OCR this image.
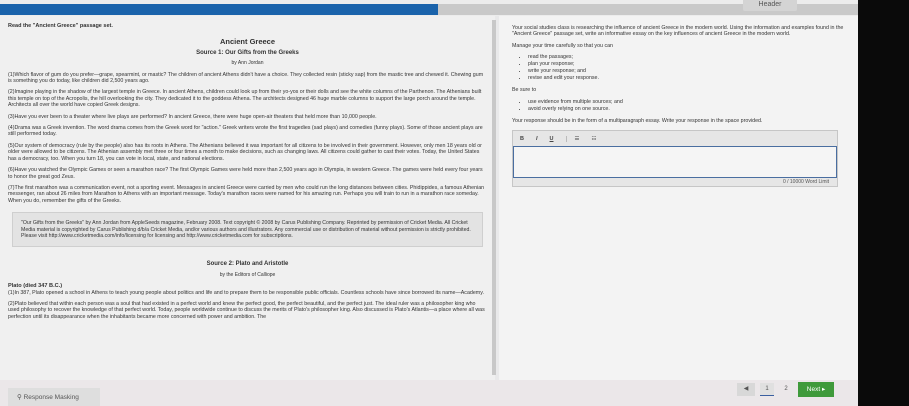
Header
Read the "Ancient Greece" passage set.
Ancient Greece
Source 1: Our Gifts from the Greeks
by Ann Jordan

(1)Which flavor of gum do you prefer—grape, spearmint, or mastic? The children of ancient Athens didn't have a choice. They collected resin (sticky sap) from the mastic tree and chewed it. Chewing gum is something you do today, like children did 2,500 years ago.

(2)Imagine playing in the shadow of the largest temple in Greece. In ancient Athens, children could look up from their yo-yos or their dolls and see the white columns of the Parthenon. The Athenians built this temple on top of the Acropolis, the hill overlooking the city. They dedicated it to the goddess Athena. The architects designed 46 huge marble columns to support the large porch around the temple. Architects all over the world have copied Greek designs.

(3)Have you ever been to a theater where live plays are performed? In ancient Greece, there were huge open-air theaters that held more than 10,000 people.

(4)Drama was a Greek invention. The word drama comes from the Greek word for "action." Greek writers wrote the first tragedies (sad plays) and comedies (funny plays). Some of those ancient plays are still performed today.

(5)Our system of democracy (rule by the people) also has its roots in Athens. The Athenians believed it was important for all citizens to be involved in their government. However, only men 18 years old or older were allowed to be citizens. The Athenian assembly met three or four times a month to make decisions, such as changing laws. All citizens could gather to cast their votes. Today, the United States has a democracy, too. When you turn 18, you can vote in local, state, and national elections.

(6)Have you watched the Olympic Games or seen a marathon race? The first Olympic Games were held more than 2,500 years ago in Olympia, in western Greece. The games were held every four years to honor the great god Zeus.

(7)The first marathon was a communication event, not a sporting event. Messages in ancient Greece were carried by men who could run the long distances between cities. Phidippides, a famous Athenian messenger, ran about 26 miles from Marathon to Athens with an important message. Today's marathon races were named for his amazing run. Perhaps you will train to run in a marathon race someday. When you do, remember the gifts of the Greeks.

"Our Gifts from the Greeks" by Ann Jordan from AppleSeeds magazine, February 2008. Text copyright © 2008 by Carus Publishing Company. Reprinted by permission of Cricket Media. All Cricket Media material is copyrighted by Carus Publishing d/b/a Cricket Media, and/or various authors and illustrators. Any commercial use or distribution of material without permission is strictly prohibited. Please visit http://www.cricketmedia.com/info/licensing for licensing and http://www.cricketmedia.com for subscriptions.
Source 2: Plato and Aristotle
by the Editors of Calliope
Plato (died 347 B.C.)

(1)In 387, Plato opened a school in Athens to teach young people about politics and life and to prepare them to be responsible public officials. Countless schools have since borrowed its name—Academy.

(2)Plato believed that within each person was a soul that had existed in a perfect world and knew the perfect good, the perfect beautiful, and the perfect just. The ideal ruler was a philosopher king who used philosophy to recover the knowledge of that perfect world. Today, people worldwide continue to discuss the merits of Plato's philosopher king. Also discussed is Plato's Atlantis—a place where all was perfection until its disappearance when the inhabitants became more concerned with power and ambition. The

Your social studies class is researching the influence of ancient Greece in the modern world. Using the information and examples found in the "Ancient Greece" passage set, write an informative essay on the key influences of ancient Greece in the modern world.

Manage your time carefully so that you can

• read the passages;
• plan your response;
• write your response; and
• revise and edit your response.

Be sure to

• use evidence from multiple sources; and
• avoid overly relying on one source.

Your response should be in the form of a multiparagraph essay. Write your response in the space provided.

B I U	☰ ☷
0 / 10000 Word Limit
⚲ Response Masking
◀	1	2	Next ▸
